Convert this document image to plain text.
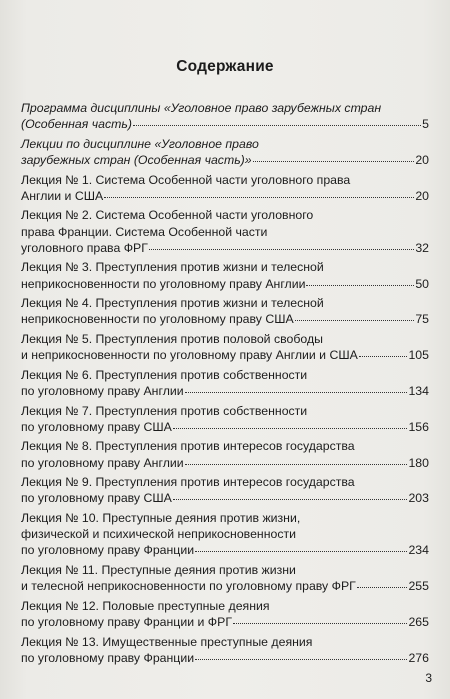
Содержание
Программа дисциплины «Уголовное право зарубежных стран
(Особенная часть)	5
Лекции по дисциплине «Уголовное право
зарубежных стран (Особенная часть)»	20
Лекция № 1. Система Особенной части уголовного права
Англии и США	20
Лекция № 2. Система Особенной части уголовного
права Франции. Система Особенной части
уголовного права ФРГ	32
Лекция № 3. Преступления против жизни и телесной
неприкосновенности по уголовному праву Англии	50
Лекция № 4. Преступления против жизни и телесной
неприкосновенности по уголовному праву США	75
Лекция № 5. Преступления против половой свободы
и неприкосновенности по уголовному праву Англии и США	105
Лекция № 6. Преступления против собственности
по уголовному праву Англии	134
Лекция № 7. Преступления против собственности
по уголовному праву США	156
Лекция № 8. Преступления против интересов государства
по уголовному праву Англии	180
Лекция № 9. Преступления против интересов государства
по уголовному праву США	203
Лекция № 10. Преступные деяния против жизни,
физической и психической неприкосновенности
по уголовному праву Франции	234
Лекция № 11. Преступные деяния против жизни
и телесной неприкосновенности по уголовному праву ФРГ	255
Лекция № 12. Половые преступные деяния
по уголовному праву Франции и ФРГ	265
Лекция № 13. Имущественные преступные деяния
по уголовному праву Франции	276
3
